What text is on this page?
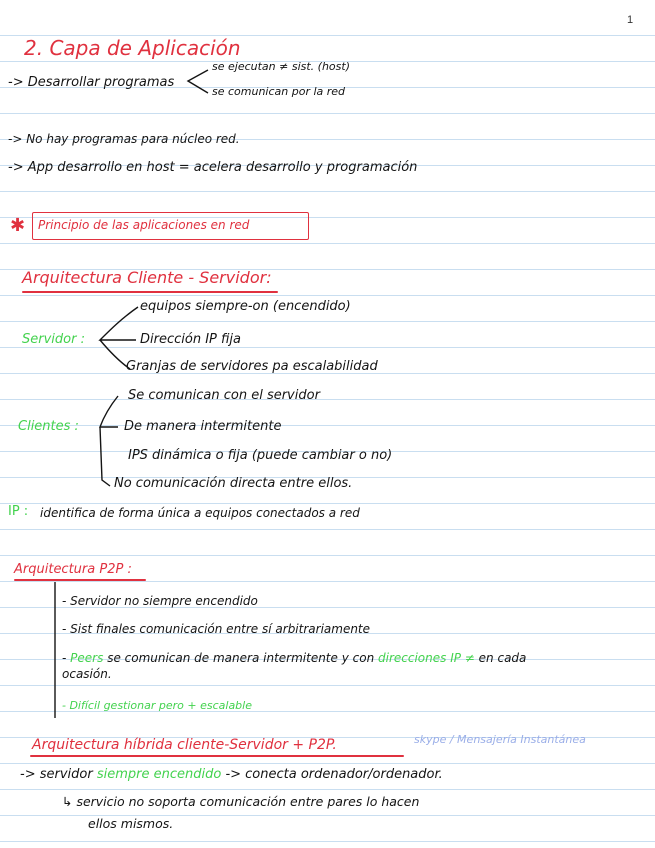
1
2. Capa de Aplicación
-> Desarrollar programas
se ejecutan ≠ sist. (host)
se comunican por la red
-> No hay programas para núcleo red.
-> App desarrollo en host = acelera desarrollo y programación
✱ Principio de las aplicaciones en red
Arquitectura Cliente - Servidor:
Servidor :
equipos siempre-on (encendido)
Dirección IP fija
Granjas de servidores pa escalabilidad
Clientes :
Se comunican con el servidor
De manera intermitente
IPS dinámica o fija (puede cambiar o no)
No comunicación directa entre ellos.
IP : identifica de forma única a equipos conectados a red
Arquitectura P2P :
- Servidor no siempre encendido
- Sist finales comunicación entre sí arbitrariamente
- Peers se comunican de manera intermitente y con direcciones IP ≠ en cada
ocasión.
- Difícil gestionar pero + escalable
Arquitectura híbrida cliente-Servidor + P2P.	skype / Mensajería Instantánea
-> servidor siempre encendido -> conecta ordenador/ordenador.
↳ servicio no soporta comunicación entre pares lo hacen
ellos mismos.
